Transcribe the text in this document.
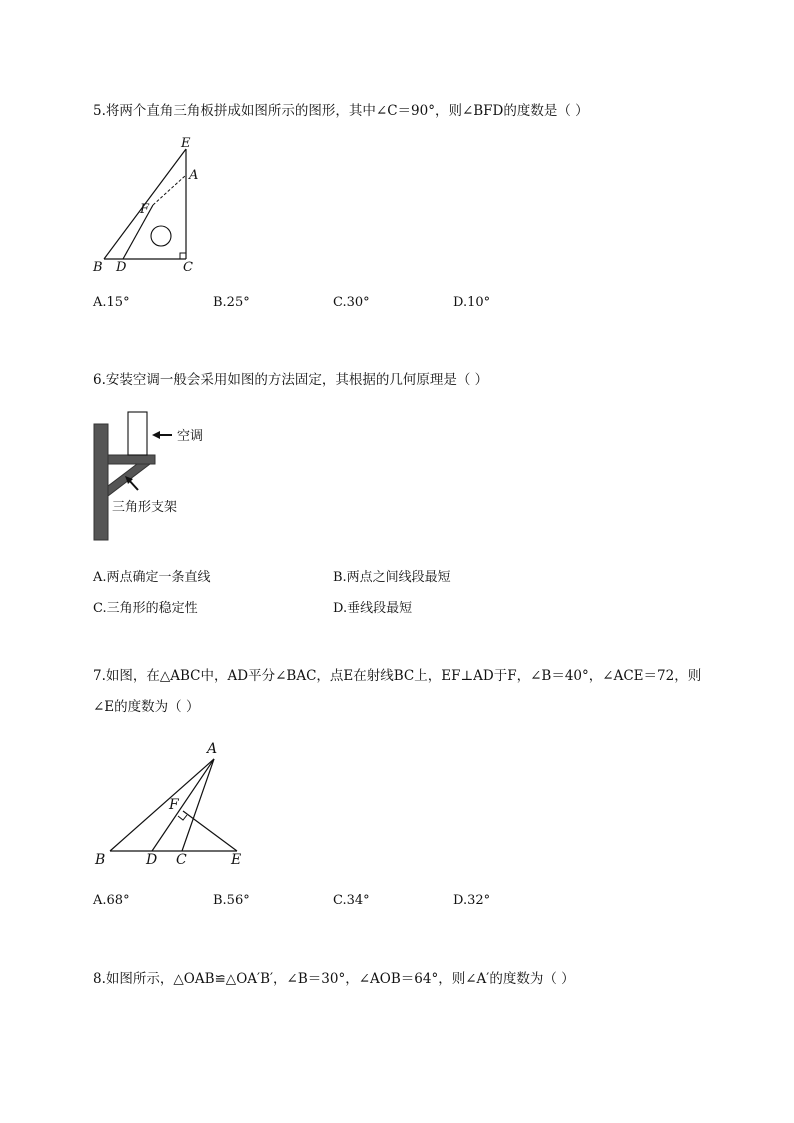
5.将两个直角三角板拼成如图所示的图形，其中∠C＝90°，则∠BFD的度数是（ ）
E
A
F
B D	C
A.15°	B.25°	C.30°	D.10°
6.安装空调一般会采用如图的方法固定，其根据的几何原理是（ ）
空调
三角形支架
A.两点确定一条直线	B.两点之间线段最短
C.三角形的稳定性	D.垂线段最短
7.如图，在△ABC中，AD平分∠BAC，点E在射线BC上，EF⊥AD于F，∠B＝40°，∠ACE＝72，则
∠E的度数为（ ）
A
F
B	D C	E
A.68°	B.56°	C.34°	D.32°
8.如图所示，△OAB≌△OA′B′，∠B＝30°，∠AOB＝64°，则∠A′的度数为（ ）
